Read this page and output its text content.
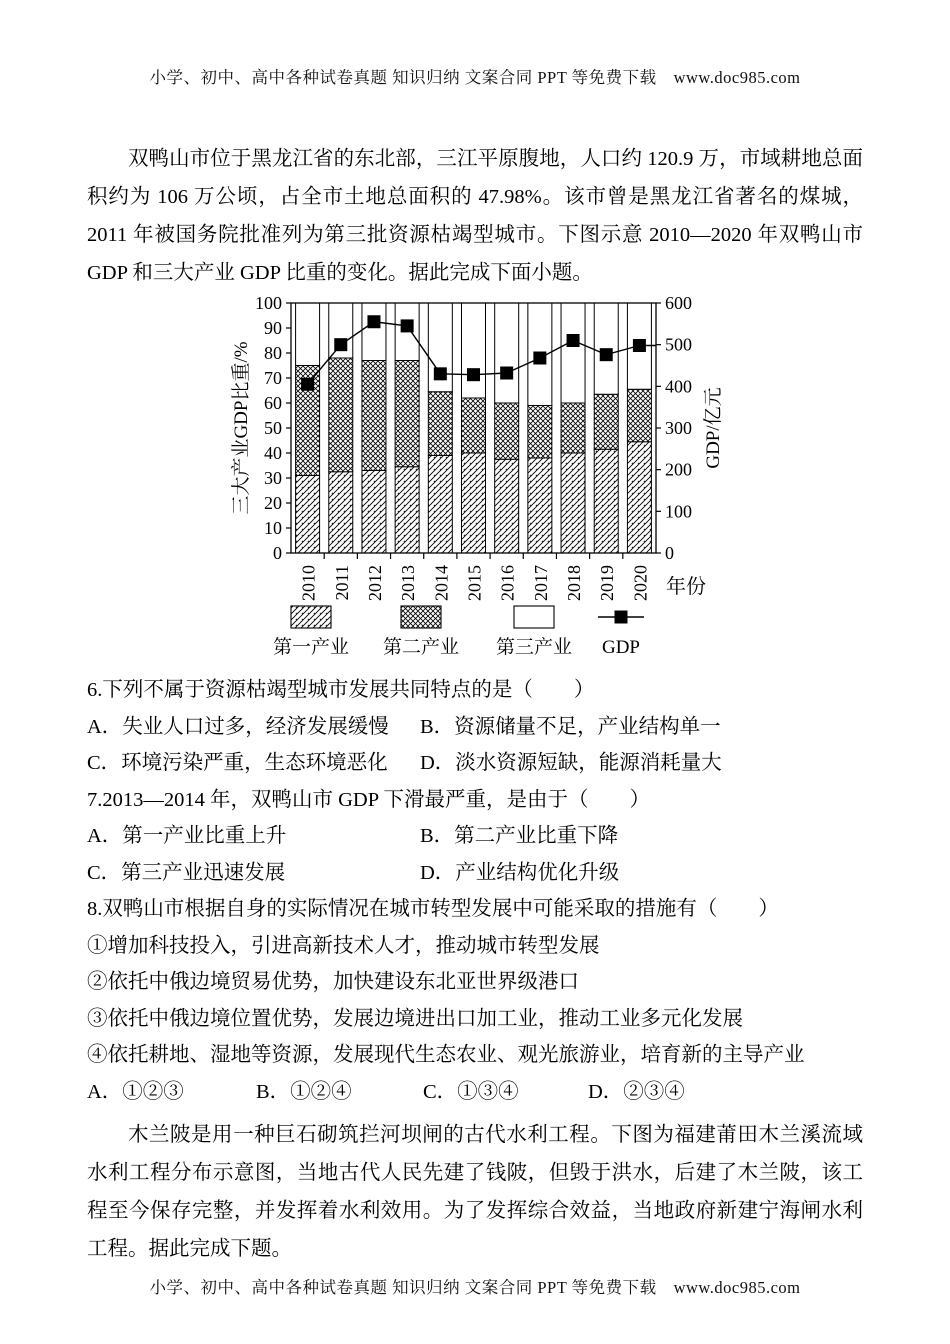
小学、初中、高中各种试卷真题 知识归纳 文案合同 PPT 等免费下载　www.doc985.com
双鸭山市位于黑龙江省的东北部，三江平原腹地，人口约 120.9 万，市域耕地总面积约为 106 万公顷，占全市土地总面积的 47.98%。该市曾是黑龙江省著名的煤城，2011 年被国务院批准列为第三批资源枯竭型城市。下图示意 2010—2020 年双鸭山市 GDP 和三大产业 GDP 比重的变化。据此完成下面小题。
0
10
20
30
40
50
60
70
80
90
100
0
100
200
300
400
500
600
2010 2011 2012 2013 2014 2015 2016 2017 2018 2019 2020 年份
三大产业GDP比重/%	GDP/亿元
第一产业 第二产业 第三产业 GDP
6.下列不属于资源枯竭型城市发展共同特点的是（　　）
A．失业人口过多，经济发展缓慢 B．资源储量不足，产业结构单一
C．环境污染严重，生态环境恶化 D．淡水资源短缺，能源消耗量大
7.2013—2014 年，双鸭山市 GDP 下滑最严重，是由于（　　）
A．第一产业比重上升	B．第二产业比重下降
C．第三产业迅速发展	D．产业结构优化升级
8.双鸭山市根据自身的实际情况在城市转型发展中可能采取的措施有（　　）
①增加科技投入，引进高新技术人才，推动城市转型发展
②依托中俄边境贸易优势，加快建设东北亚世界级港口
③依托中俄边境位置优势，发展边境进出口加工业，推动工业多元化发展
④依托耕地、湿地等资源，发展现代生态农业、观光旅游业，培育新的主导产业
A．①②③	B．①②④	C．①③④	D．②③④
木兰陂是用一种巨石砌筑拦河坝闸的古代水利工程。下图为福建莆田木兰溪流域水利工程分布示意图，当地古代人民先建了钱陂，但毁于洪水，后建了木兰陂，该工程至今保存完整，并发挥着水利效用。为了发挥综合效益，当地政府新建宁海闸水利工程。据此完成下题。
小学、初中、高中各种试卷真题 知识归纳 文案合同 PPT 等免费下载　www.doc985.com
